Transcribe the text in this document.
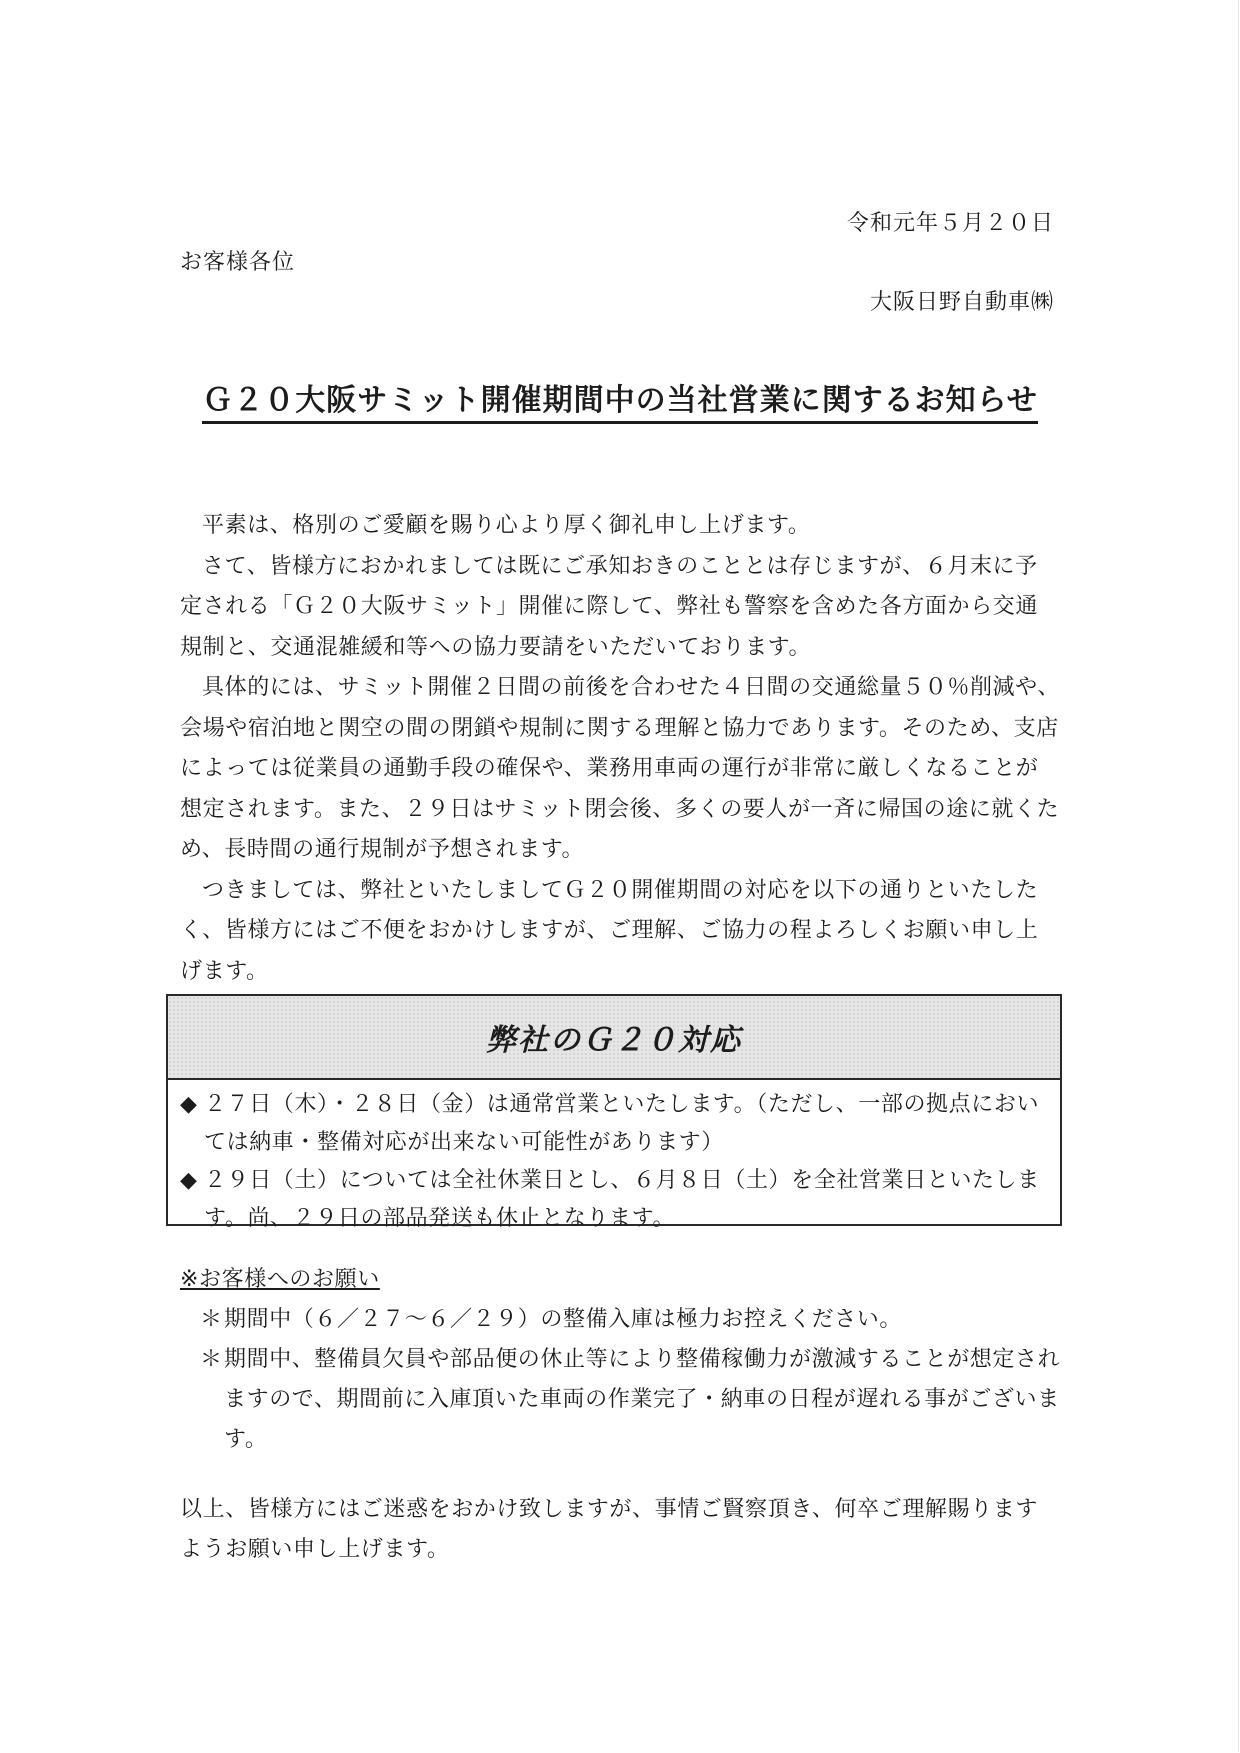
令和元年５月２０日
お客様各位
大阪日野自動車㈱
Ｇ２０大阪サミット開催期間中の当社営業に関するお知らせ

平素は、格別のご愛顧を賜り心より厚く御礼申し上げます。

さて、皆様方におかれましては既にご承知おきのこととは存じますが、６月末に予定される「Ｇ２０大阪サミット」開催に際して、弊社も警察を含めた各方面から交通規制と、交通混雑緩和等への協力要請をいただいております。

具体的には、サミット開催２日間の前後を合わせた４日間の交通総量５０％削減や、会場や宿泊地と関空の間の閉鎖や規制に関する理解と協力であります。そのため、支店によっては従業員の通勤手段の確保や、業務用車両の運行が非常に厳しくなることが想定されます。また、２９日はサミット閉会後、多くの要人が一斉に帰国の途に就くため、長時間の通行規制が予想されます。

つきましては、弊社といたしましてＧ２０開催期間の対応を以下の通りといたしたく、皆様方にはご不便をおかけしますが、ご理解、ご協力の程よろしくお願い申し上げます。

弊社のＧ２０対応
◆ ２７日（木）・２８日（金）は通常営業といたします。（ただし、一部の拠点においては納車・整備対応が出来ない可能性があります）
◆ ２９日（土）については全社休業日とし、６月８日（土）を全社営業日といたします。尚、２９日の部品発送も休止となります。
※お客様へのお願い
＊ 期間中（６／２７～６／２９）の整備入庫は極力お控えください。
＊ 期間中、整備員欠員や部品便の休止等により整備稼働力が激減することが想定されますので、期間前に入庫頂いた車両の作業完了・納車の日程が遅れる事がございます。
以上、皆様方にはご迷惑をおかけ致しますが、事情ご賢察頂き、何卒ご理解賜りますようお願い申し上げます。
